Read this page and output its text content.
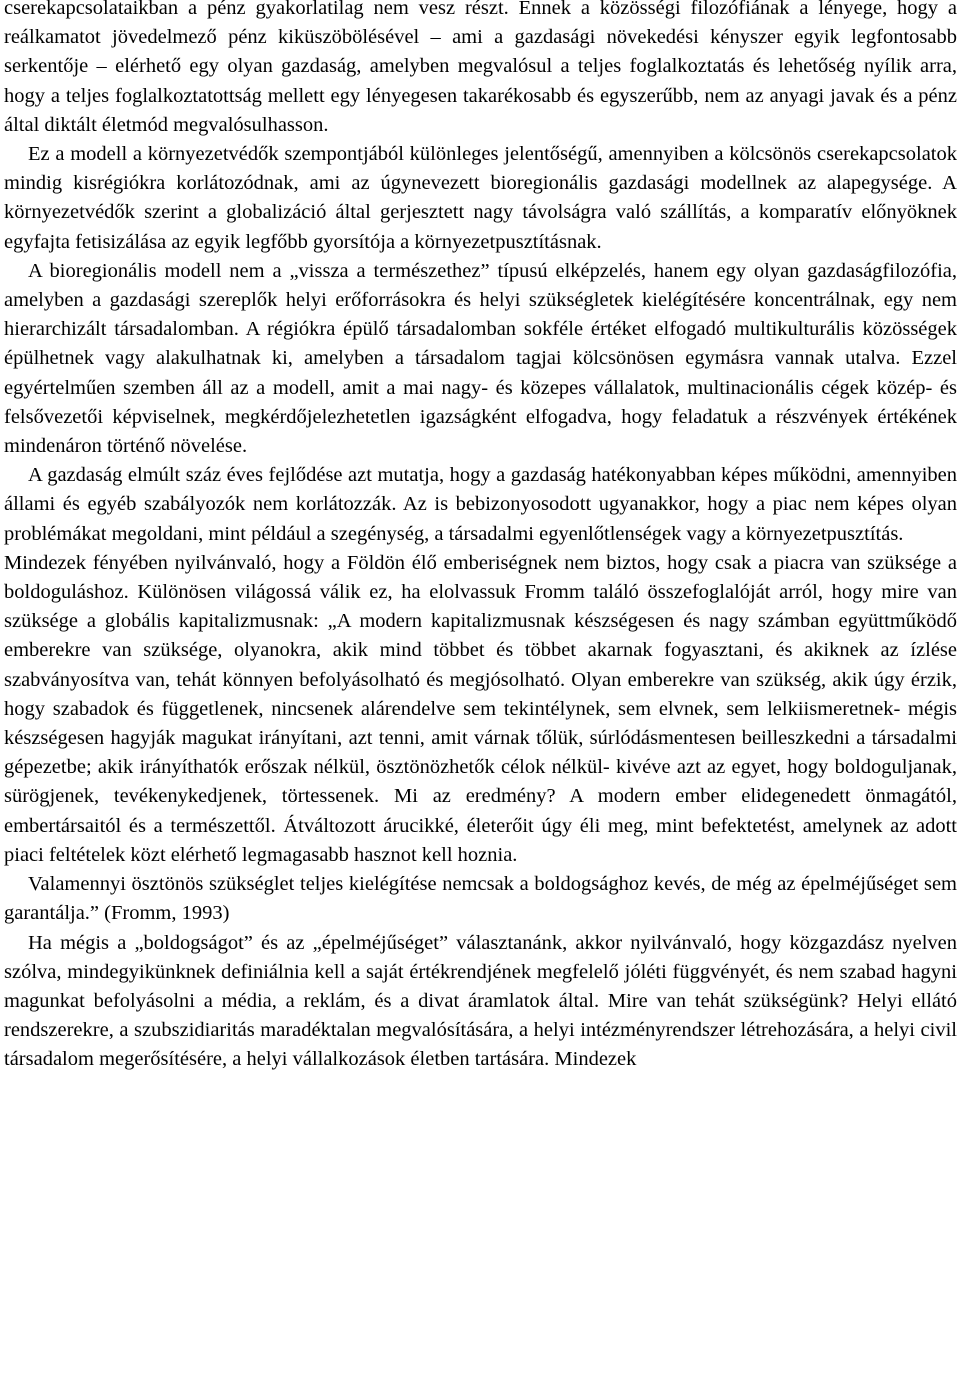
cserekapcsolataikban a pénz gyakorlatilag nem vesz részt. Ennek a közösségi filozófiának a lényege, hogy a reálkamatot jövedelmező pénz kiküszöbölésével – ami a gazdasági növekedési kényszer egyik legfontosabb serkentője – elérhető egy olyan gazdaság, amelyben megvalósul a teljes foglalkoztatás és lehetőség nyílik arra, hogy a teljes foglalkoztatottság mellett egy lényegesen takarékosabb és egyszerűbb, nem az anyagi javak és a pénz által diktált életmód megvalósulhasson.

Ez a modell a környezetvédők szempontjából különleges jelentőségű, amennyiben a kölcsönös cserekapcsolatok mindig kisrégiókra korlátozódnak, ami az úgynevezett bioregionális gazdasági modellnek az alapegysége. A környezetvédők szerint a globalizáció által gerjesztett nagy távolságra való szállítás, a komparatív előnyöknek egyfajta fetisizálása az egyik legfőbb gyorsítója a környezetpusztításnak.

A bioregionális modell nem a „vissza a természethez” típusú elképzelés, hanem egy olyan gazdaságfilozófia, amelyben a gazdasági szereplők helyi erőforrásokra és helyi szükségletek kielégítésére koncentrálnak, egy nem hierarchizált társadalomban. A régiókra épülő társadalomban sokféle értéket elfogadó multikulturális közösségek épülhetnek vagy alakulhatnak ki, amelyben a társadalom tagjai kölcsönösen egymásra vannak utalva. Ezzel egyértelműen szemben áll az a modell, amit a mai nagy- és közepes vállalatok, multinacionális cégek közép- és felsővezetői képviselnek, megkérdőjelezhetetlen igazságként elfogadva, hogy feladatuk a részvények értékének mindenáron történő növelése.

A gazdaság elmúlt száz éves fejlődése azt mutatja, hogy a gazdaság hatékonyabban képes működni, amennyiben állami és egyéb szabályozók nem korlátozzák. Az is bebizonyosodott ugyanakkor, hogy a piac nem képes olyan problémákat megoldani, mint például a szegénység, a társadalmi egyenlőtlenségek vagy a környezetpusztítás.

Mindezek fényében nyilvánvaló, hogy a Földön élő emberiségnek nem biztos, hogy csak a piacra van szüksége a boldoguláshoz. Különösen világossá válik ez, ha elolvassuk Fromm találó összefoglalóját arról, hogy mire van szüksége a globális kapitalizmusnak: „A modern kapitalizmusnak készségesen és nagy számban együttműködő emberekre van szüksége, olyanokra, akik mind többet és többet akarnak fogyasztani, és akiknek az ízlése szabványosítva van, tehát könnyen befolyásolható és megjósolható. Olyan emberekre van szükség, akik úgy érzik, hogy szabadok és függetlenek, nincsenek alárendelve sem tekintélynek, sem elvnek, sem lelkiismeretnek- mégis készségesen hagyják magukat irányítani, azt tenni, amit várnak tőlük, súrlódásmentesen beilleszkedni a társadalmi gépezetbe; akik irányíthatók erőszak nélkül, ösztönözhetők célok nélkül- kivéve azt az egyet, hogy boldoguljanak, sürögjenek, tevékenykedjenek, törtessenek. Mi az eredmény? A modern ember elidegenedett önmagától, embertársaitól és a természettől. Átváltozott árucikké, életerőit úgy éli meg, mint befektetést, amelynek az adott piaci feltételek közt elérhető legmagasabb hasznot kell hoznia.

Valamennyi ösztönös szükséglet teljes kielégítése nemcsak a boldogsághoz kevés, de még az épelméjűséget sem garantálja.” (Fromm, 1993)

Ha mégis a „boldogságot” és az „épelméjűséget” választanánk, akkor nyilvánvaló, hogy közgazdász nyelven szólva, mindegyikünknek definiálnia kell a saját értékrendjének megfelelő jóléti függvényét, és nem szabad hagyni magunkat befolyásolni a média, a reklám, és a divat áramlatok által. Mire van tehát szükségünk? Helyi ellátó rendszerekre, a szubszidiaritás maradéktalan megvalósítására, a helyi intézményrendszer létrehozására, a helyi civil társadalom megerősítésére, a helyi vállalkozások életben tartására. Mindezek
